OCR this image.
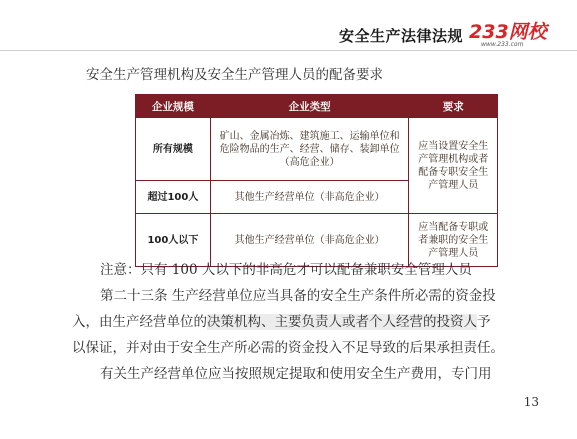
安全生产法律法规 233网校
www.233.com

安全生产管理机构及安全生产管理人员的配备要求

企业规模	企业类型	要求
所有规模	矿山、金属冶炼、建筑施工、运输单位和危险物品的生产、经营、储存、装卸单位（高危企业）	应当设置安全生产管理机构或者配备专职安全生产管理人员
超过100人	其他生产经营单位（非高危企业）	
100人以下	其他生产经营单位（非高危企业）	应当配备专职或者兼职的安全生产管理人员

注意：只有 100 人以下的非高危才可以配备兼职安全管理人员

第二十三条 生产经营单位应当具备的安全生产条件所必需的资金投

入，由生产经营单位的决策机构、主要负责人或者个人经营的投资人予

以保证，并对由于安全生产所必需的资金投入不足导致的后果承担责任。

有关生产经营单位应当按照规定提取和使用安全生产费用，专门用

13
